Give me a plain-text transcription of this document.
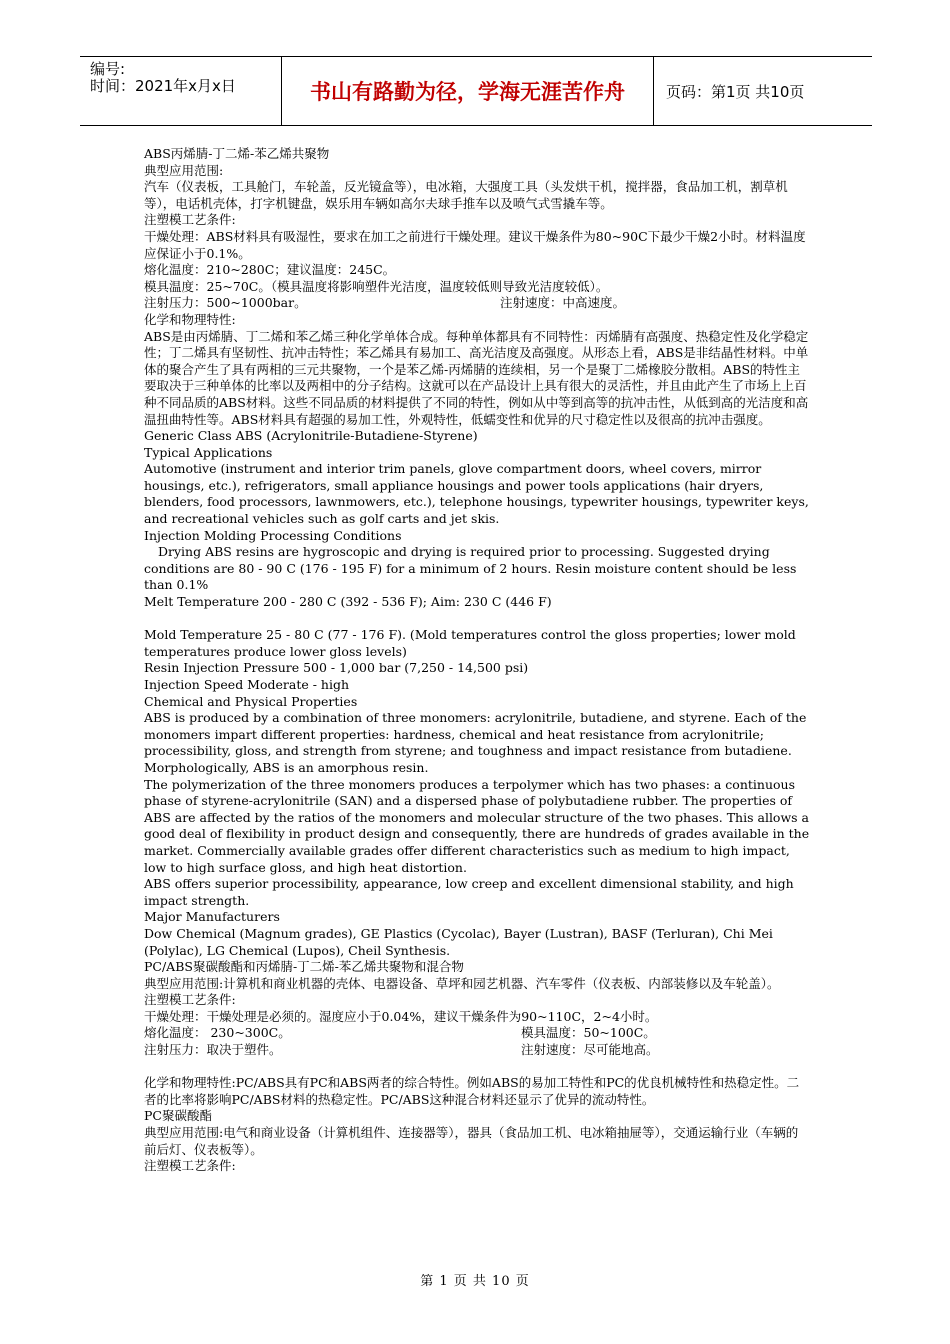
编号:
时间：2021年x月x日	书山有路勤为径，学海无涯苦作舟	页码：第1页 共10页

ABS丙烯腈-丁二烯-苯乙烯共聚物

典型应用范围:

汽车（仪表板，工具舱门，车轮盖，反光镜盒等），电冰箱，大强度工具（头发烘干机，搅拌器，食品加工机，割草机等），电话机壳体，打字机键盘，娱乐用车辆如高尔夫球手推车以及喷气式雪撬车等。

注塑模工艺条件:

干燥处理：ABS材料具有吸湿性，要求在加工之前进行干燥处理。建议干燥条件为80~90C下最少干燥2小时。材料温度应保证小于0.1%。

熔化温度：210~280C；建议温度：245C。

模具温度：25~70C。（模具温度将影响塑件光洁度，温度较低则导致光洁度较低）。

注射压力：500~1000bar。	注射速度：中高速度。

化学和物理特性:

ABS是由丙烯腈、丁二烯和苯乙烯三种化学单体合成。每种单体都具有不同特性：丙烯腈有高强度、热稳定性及化学稳定性；丁二烯具有坚韧性、抗冲击特性；苯乙烯具有易加工、高光洁度及高强度。从形态上看，ABS是非结晶性材料。中单体的聚合产生了具有两相的三元共聚物，一个是苯乙烯-丙烯腈的连续相，另一个是聚丁二烯橡胶分散相。ABS的特性主要取决于三种单体的比率以及两相中的分子结构。这就可以在产品设计上具有很大的灵活性，并且由此产生了市场上上百种不同品质的ABS材料。这些不同品质的材料提供了不同的特性，例如从中等到高等的抗冲击性，从低到高的光洁度和高温扭曲特性等。ABS材料具有超强的易加工性，外观特性，低蠕变性和优异的尺寸稳定性以及很高的抗冲击强度。

Generic Class ABS (Acrylonitrile-Butadiene-Styrene)

Typical Applications

Automotive (instrument and interior trim panels, glove compartment doors, wheel covers, mirror housings, etc.), refrigerators, small appliance housings and power tools applications (hair dryers, blenders, food processors, lawnmowers, etc.), telephone housings, typewriter housings, typewriter keys, and recreational vehicles such as golf carts and jet skis.

Injection Molding Processing Conditions

Drying ABS resins are hygroscopic and drying is required prior to processing. Suggested drying conditions are 80 - 90 C (176 - 195 F) for a minimum of 2 hours. Resin moisture content should be less than 0.1%

Melt Temperature 200 - 280 C (392 - 536 F); Aim: 230 C (446 F)

Mold Temperature 25 - 80 C (77 - 176 F). (Mold temperatures control the gloss properties; lower mold temperatures produce lower gloss levels)

Resin Injection Pressure 500 - 1,000 bar (7,250 - 14,500 psi)

Injection Speed Moderate - high

Chemical and Physical Properties

ABS is produced by a combination of three monomers: acrylonitrile, butadiene, and styrene. Each of the monomers impart different properties: hardness, chemical and heat resistance from acrylonitrile; processibility, gloss, and strength from styrene; and toughness and impact resistance from butadiene. Morphologically, ABS is an amorphous resin.

The polymerization of the three monomers produces a terpolymer which has two phases: a continuous phase of styrene-acrylonitrile (SAN) and a dispersed phase of polybutadiene rubber. The properties of ABS are affected by the ratios of the monomers and molecular structure of the two phases. This allows a good deal of flexibility in product design and consequently, there are hundreds of grades available in the market. Commercially available grades offer different characteristics such as medium to high impact, low to high surface gloss, and high heat distortion.

ABS offers superior processibility, appearance, low creep and excellent dimensional stability, and high impact strength.

Major Manufacturers

Dow Chemical (Magnum grades), GE Plastics (Cycolac), Bayer (Lustran), BASF (Terluran), Chi Mei (Polylac), LG Chemical (Lupos), Cheil Synthesis.

PC/ABS聚碳酸酯和丙烯腈-丁二烯-苯乙烯共聚物和混合物

典型应用范围:计算机和商业机器的壳体、电器设备、草坪和园艺机器、汽车零件（仪表板、内部装修以及车轮盖）。

注塑模工艺条件:

干燥处理：干燥处理是必须的。湿度应小于0.04%，建议干燥条件为90~110C，2~4小时。

熔化温度： 230~300C。	模具温度：50~100C。

注射压力：取决于塑件。	注射速度：尽可能地高。

化学和物理特性:PC/ABS具有PC和ABS两者的综合特性。例如ABS的易加工特性和PC的优良机械特性和热稳定性。二者的比率将影响PC/ABS材料的热稳定性。PC/ABS这种混合材料还显示了优异的流动特性。

PC聚碳酸酯

典型应用范围:电气和商业设备（计算机组件、连接器等），器具（食品加工机、电冰箱抽屉等），交通运输行业（车辆的前后灯、仪表板等）。

注塑模工艺条件:

第 1 页 共 10 页
